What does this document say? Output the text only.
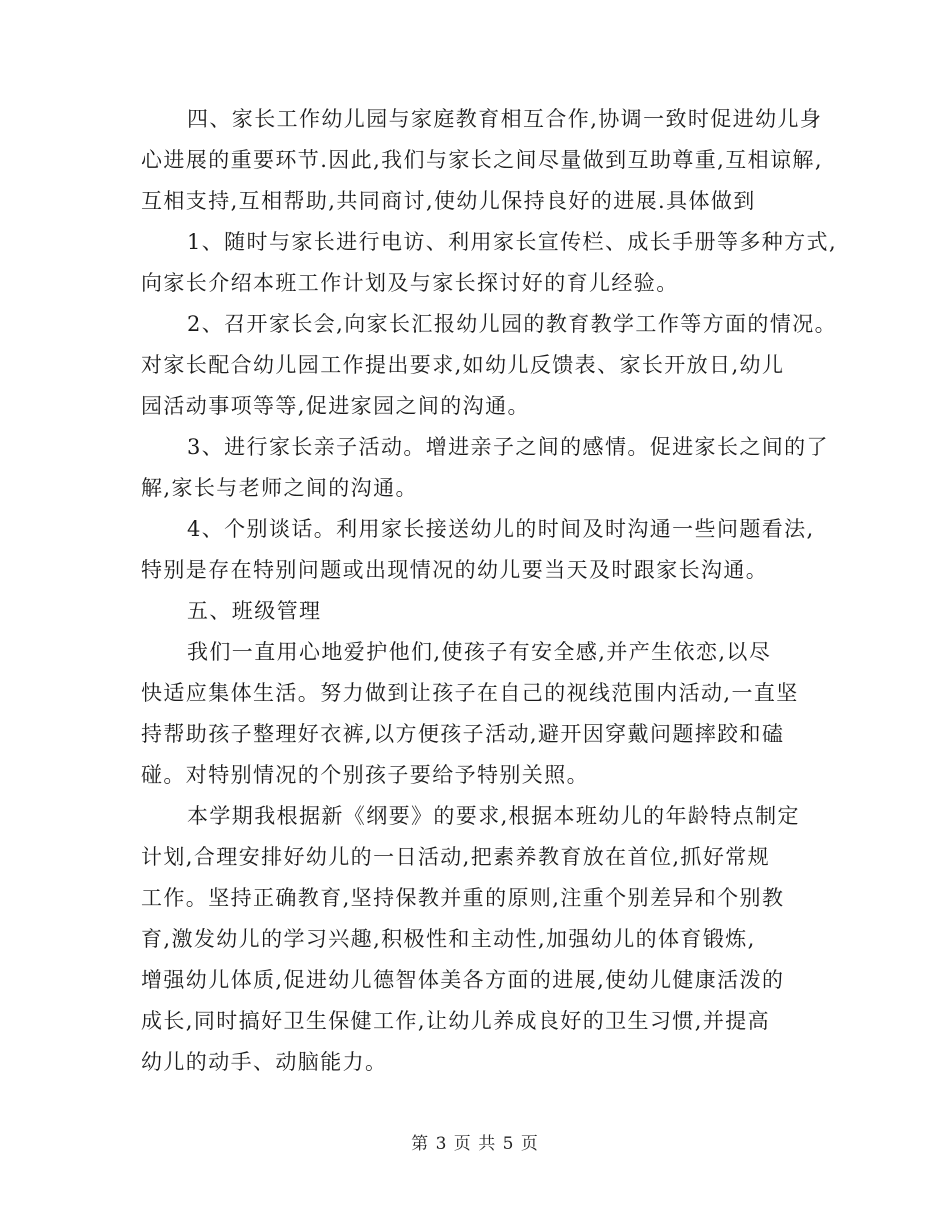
四、家长工作幼儿园与家庭教育相互合作,协调一致时促进幼儿身
心进展的重要环节.因此,我们与家长之间尽量做到互助尊重,互相谅解,
互相支持,互相帮助,共同商讨,使幼儿保持良好的进展.具体做到
1、随时与家长进行电访、利用家长宣传栏、成长手册等多种方式,
向家长介绍本班工作计划及与家长探讨好的育儿经验。
2、召开家长会,向家长汇报幼儿园的教育教学工作等方面的情况。
对家长配合幼儿园工作提出要求,如幼儿反馈表、家长开放日,幼儿
园活动事项等等,促进家园之间的沟通。
3、进行家长亲子活动。增进亲子之间的感情。促进家长之间的了
解,家长与老师之间的沟通。
4、个别谈话。利用家长接送幼儿的时间及时沟通一些问题看法,
特别是存在特别问题或出现情况的幼儿要当天及时跟家长沟通。
五、班级管理
我们一直用心地爱护他们,使孩子有安全感,并产生依恋,以尽
快适应集体生活。努力做到让孩子在自己的视线范围内活动,一直坚
持帮助孩子整理好衣裤,以方便孩子活动,避开因穿戴问题摔跤和磕
碰。对特别情况的个别孩子要给予特别关照。
本学期我根据新《纲要》的要求,根据本班幼儿的年龄特点制定
计划,合理安排好幼儿的一日活动,把素养教育放在首位,抓好常规
工作。坚持正确教育,坚持保教并重的原则,注重个别差异和个别教
育,激发幼儿的学习兴趣,积极性和主动性,加强幼儿的体育锻炼,
增强幼儿体质,促进幼儿德智体美各方面的进展,使幼儿健康活泼的
成长,同时搞好卫生保健工作,让幼儿养成良好的卫生习惯,并提高
幼儿的动手、动脑能力。
第 3 页 共 5 页
